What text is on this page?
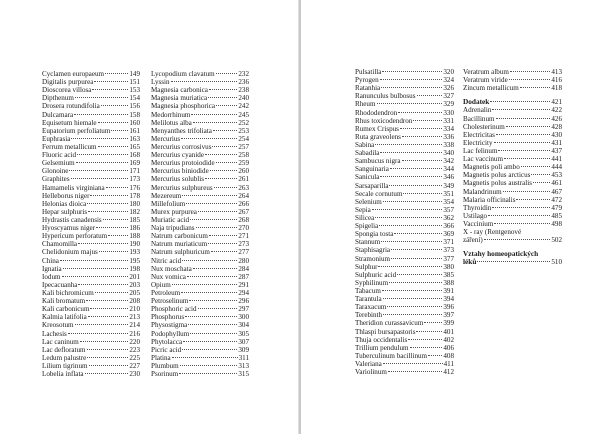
Cyclamen europaeum	149
Digitalis purpurea	151
Dioscorea villosa	153
Dipthenum	154
Drosera rotundifolia	156
Dulcamara	158
Equisetum hiemale	160
Eupatorium perfoliatum	161
Euphrasia	163
Ferrum metallicum	165
Fluoric acid	168
Gelsemium	169
Glonoine	171
Graphites	173
Hamamelis virginiana	176
Helleborus niger	178
Helonias dioica	180
Hepar sulphuris	182
Hydrastis canadensis	185
Hyoscyamus niger	186
Hypericum perforatum	188
Chamomilla	190
Chelidonium majus	193
China	195
Ignatia	198
Iodum	201
Ipecacuanha	203
Kali bichromicum	205
Kali bromatum	208
Kali carbonicum	210
Kalmia latifolia	213
Kreosotum	214
Lachesis	216
Lac caninum	220
Lac defloratum	223
Ledum palustre	225
Lilium tigrinum	227
Lobelia inflata	230
Lycopodium clavatum	232
Lyssin	236
Magnesia carbonica	238
Magnesia muriatica	240
Magnesia phosphorica	242
Medorrhinum	245
Melilotus alba	252
Menyanthes trifoliata	253
Mercurius	254
Mercurius corrosivus	257
Mercurius cyanide	258
Mercurius protoiodide	259
Mercurius biniodide	260
Mercurius solublis	261
Mercurius sulphureus	263
Mezereum	264
Millefolium	266
Murex purpurea	267
Muriatic acid	268
Naja tripudians	270
Natrum carbonicum	271
Natrum muriaticum	273
Natrum sulphuricum	277
Nitric acid	280
Nux moschata	284
Nux vomica	287
Opium	291
Petroleum	294
Petroselinum	296
Phosphoric acid	297
Phosphorus	300
Physostigma	304
Podophyllum	305
Phytolacca	307
Picric acid	309
Platina	311
Plumbum	313
Psorinum	315
Pulsatilla	320
Pyrogen	324
Ratanhia	326
Ranunculus bulbosus	327
Rheum	329
Rhododendron	330
Rhus toxicodendron	331
Rumex Crispus	334
Ruta graveolens	336
Sabina	338
Sabadila	340
Sambucus nigra	342
Sanguinaria	344
Sanicula	346
Sarsaparilla	349
Secale cornutum	351
Selenium	354
Sepia	357
Silicea	362
Spigelia	366
Spongia tosta	369
Stannum	371
Staphisagria	373
Stramonium	377
Sulphur	380
Sulphuric acid	385
Syphilinum	388
Tabacum	391
Tarantula	394
Taraxacum	396
Terebinth	397
Theridion curassavicum	399
Thlaspi bursapastoris	401
Thuja occidentalis	402
Trillium pendulum	406
Tuberculinum bacillinum 408
Valeriana	411
Variolinum	412
Veratrum album	413
Veratrum viride	416
Zincum metallicum	418
Dodatek	421
Adrenalin	422
Bacillinum	426
Cholesterinum	428
Electricitas	430
Electricity	431
Lac felinum	437
Lac vaccinum	441
Magnetis poli ambo	444
Magnetis polus arcticus	453
Magnetis polus australis	461
Malandrinum	467
Malaria officinalis	472
Thyroidin	479
Ustilago	485
Vaccinium	498
X - ray (Rentgenové
záření)	502
Vztahy homeopatických
léků	510
